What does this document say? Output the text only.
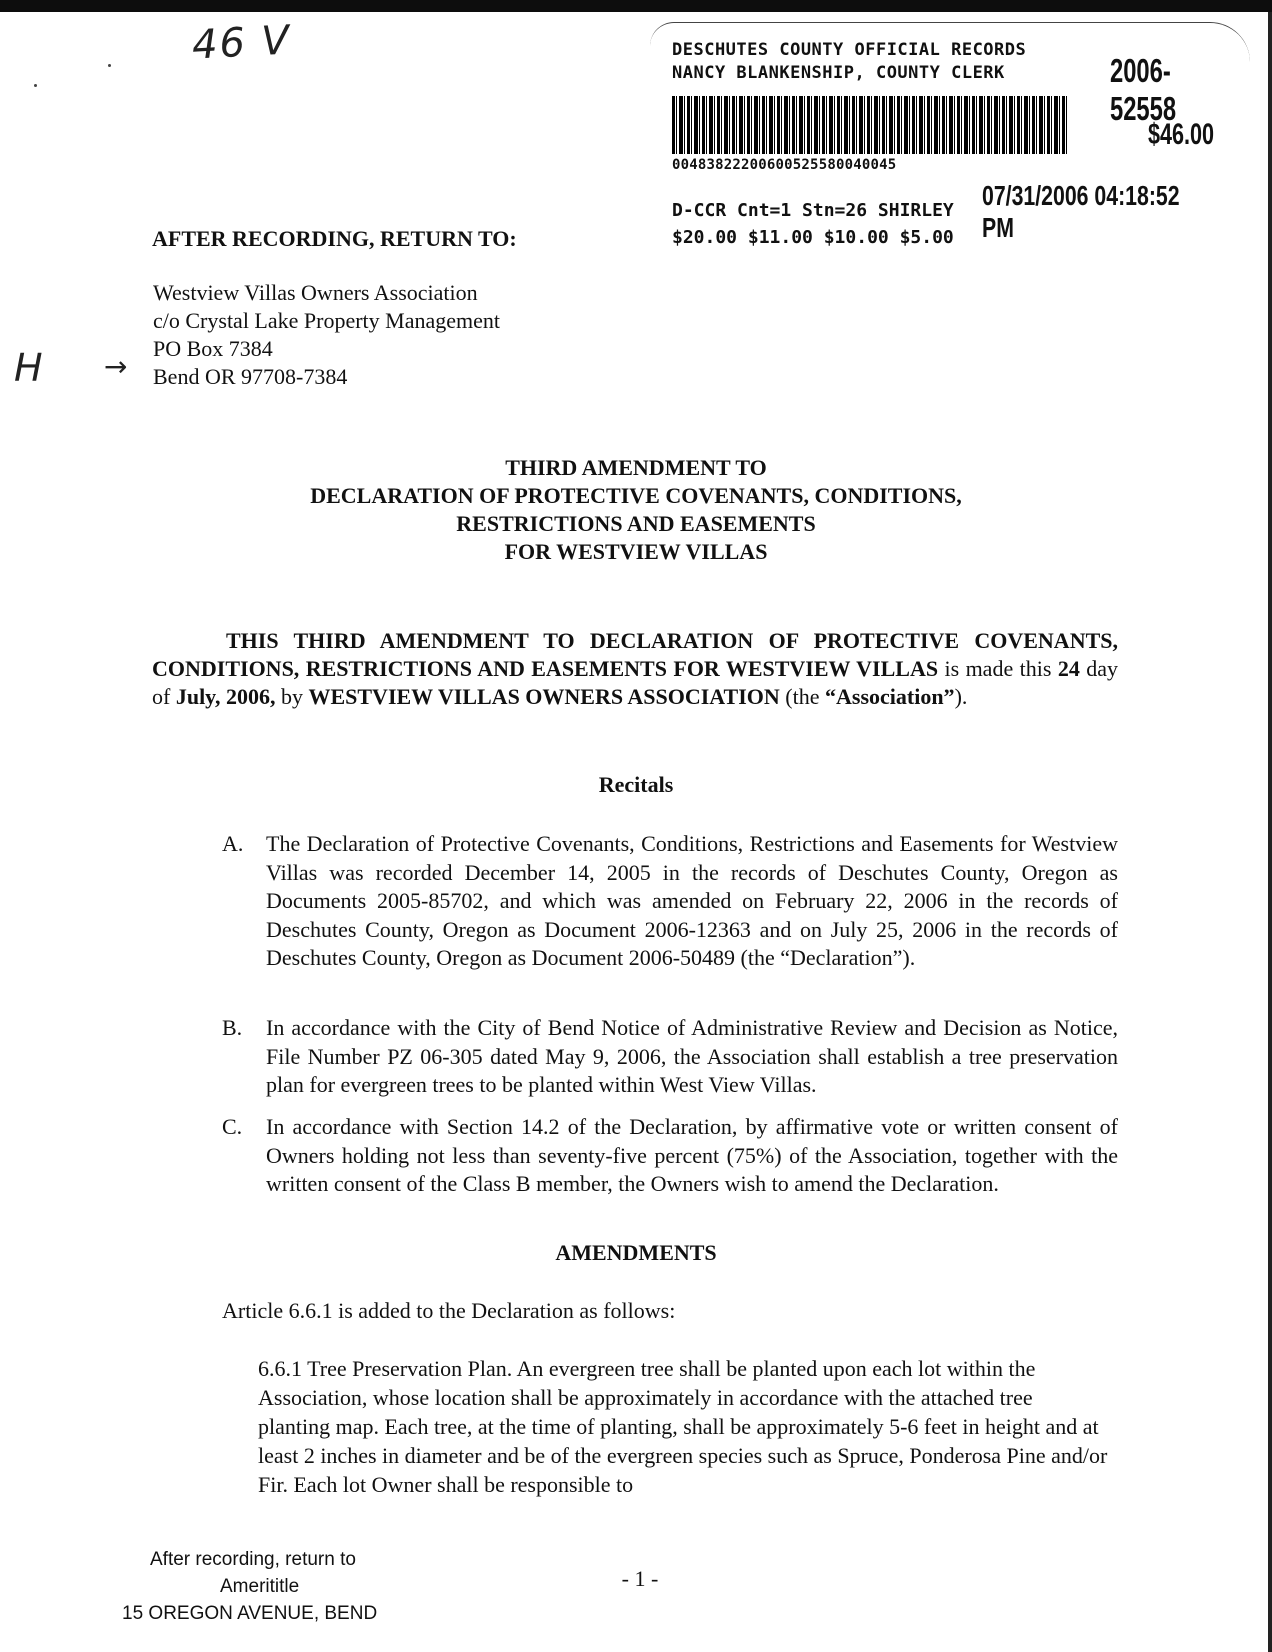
46 V
H
DESCHUTES COUNTY OFFICIAL RECORDS
NANCY BLANKENSHIP, COUNTY CLERK	2006-52558
00483822200600525580040045
$46.00
07/31/2006 04:18:52 PM
D-CCR Cnt=1 Stn=26 SHIRLEY
$20.00 $11.00 $10.00 $5.00
AFTER RECORDING, RETURN TO:
Westview Villas Owners Association
c/o Crystal Lake Property Management
PO Box 7384
Bend OR 97708-7384
→
THIRD AMENDMENT TO
DECLARATION OF PROTECTIVE COVENANTS, CONDITIONS,
RESTRICTIONS AND EASEMENTS
FOR WESTVIEW VILLAS
THIS THIRD AMENDMENT TO DECLARATION OF PROTECTIVE COVENANTS, CONDITIONS, RESTRICTIONS AND EASEMENTS FOR WESTVIEW VILLAS is made this 24 day of July, 2006, by WESTVIEW VILLAS OWNERS ASSOCIATION (the “Association”).
Recitals
A. The Declaration of Protective Covenants, Conditions, Restrictions and Easements for Westview Villas was recorded December 14, 2005 in the records of Deschutes County, Oregon as Documents 2005-85702, and which was amended on February 22, 2006 in the records of Deschutes County, Oregon as Document 2006-12363 and on July 25, 2006 in the records of Deschutes County, Oregon as Document 2006-50489 (the “Declaration”).
B. In accordance with the City of Bend Notice of Administrative Review and Decision as Notice, File Number PZ 06-305 dated May 9, 2006, the Association shall establish a tree preservation plan for evergreen trees to be planted within West View Villas.
C. In accordance with Section 14.2 of the Declaration, by affirmative vote or written consent of Owners holding not less than seventy-five percent (75%) of the Association, together with the written consent of the Class B member, the Owners wish to amend the Declaration.
AMENDMENTS
Article 6.6.1 is added to the Declaration as follows:
6.6.1 Tree Preservation Plan. An evergreen tree shall be planted upon each lot within the Association, whose location shall be approximately in accordance with the attached tree planting map. Each tree, at the time of planting, shall be approximately 5-6 feet in height and at least 2 inches in diameter and be of the evergreen species such as Spruce, Ponderosa Pine and/or Fir. Each lot Owner shall be responsible to
After recording, return to
Amerititle
15 OREGON AVENUE, BEND
- 1 -
